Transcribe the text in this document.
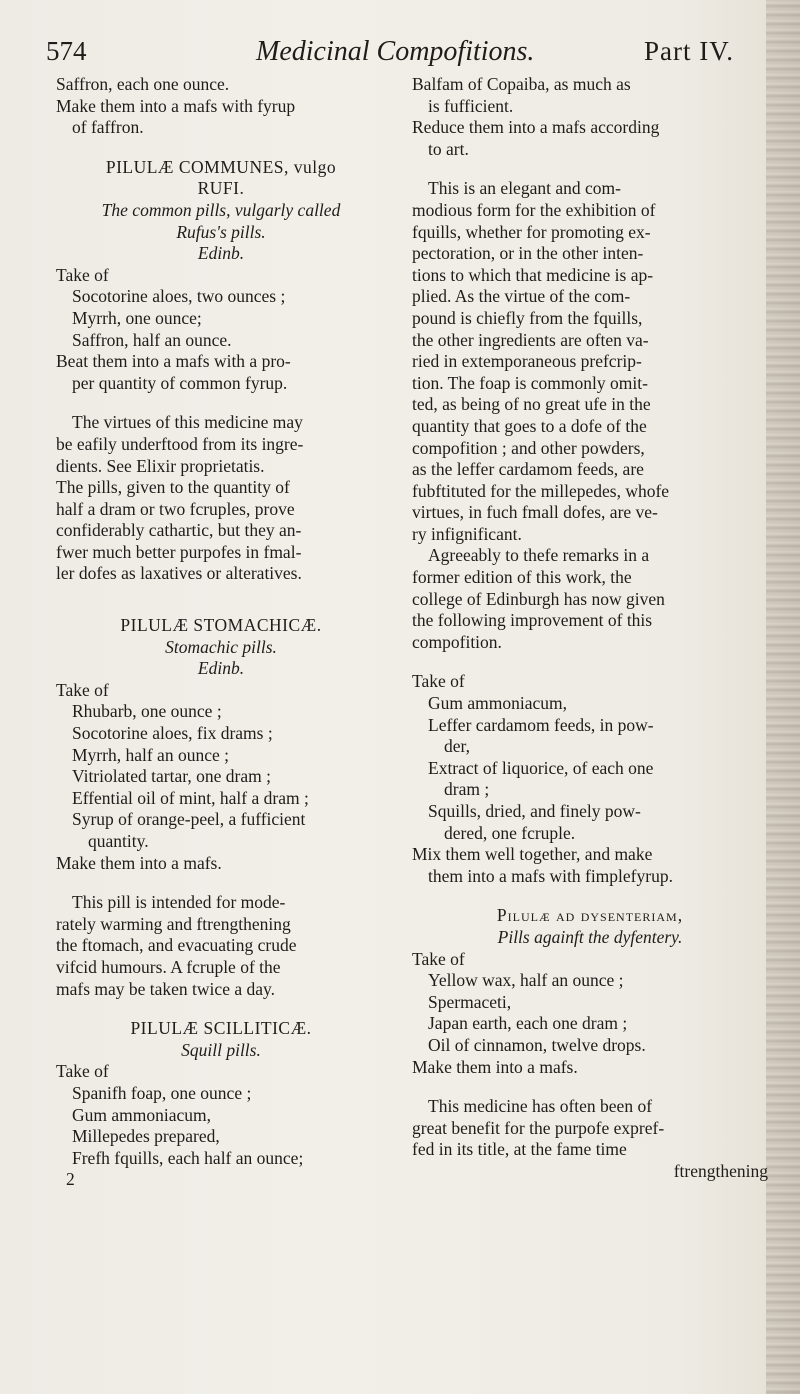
574	Medicinal Compofitions.	Part IV.
Saffron, each one ounce.
Make them into a mafs with fyrup
of faffron.
PILULÆ COMMUNES, vulgo
RUFI.
The common pills, vulgarly called
Rufus's pills.
Edinb.
Take of
Socotorine aloes, two ounces ;
Myrrh, one ounce;
Saffron, half an ounce.
Beat them into a mafs with a pro-
per quantity of common fyrup.
The virtues of this medicine may
be eafily underftood from its ingre-
dients. See Elixir proprietatis.
The pills, given to the quantity of
half a dram or two fcruples, prove
confiderably cathartic, but they an-
fwer much better purpofes in fmal-
ler dofes as laxatives or alteratives.
PILULÆ STOMACHICÆ.
Stomachic pills.
Edinb.
Take of
Rhubarb, one ounce ;
Socotorine aloes, fix drams ;
Myrrh, half an ounce ;
Vitriolated tartar, one dram ;
Effential oil of mint, half a dram ;
Syrup of orange-peel, a fufficient
quantity.
Make them into a mafs.
This pill is intended for mode-
rately warming and ftrengthening
the ftomach, and evacuating crude
vifcid humours. A fcruple of the
mafs may be taken twice a day.
PILULÆ SCILLITICÆ.
Squill pills.
Take of
Spanifh foap, one ounce ;
Gum ammoniacum,
Millepedes prepared,
Frefh fquills, each half an ounce;
2
Balfam of Copaiba, as much as
is fufficient.
Reduce them into a mafs according
to art.
This is an elegant and com-
modious form for the exhibition of
fquills, whether for promoting ex-
pectoration, or in the other inten-
tions to which that medicine is ap-
plied. As the virtue of the com-
pound is chiefly from the fquills,
the other ingredients are often va-
ried in extemporaneous prefcrip-
tion. The foap is commonly omit-
ted, as being of no great ufe in the
quantity that goes to a dofe of the
compofition ; and other powders,
as the leffer cardamom feeds, are
fubftituted for the millepedes, whofe
virtues, in fuch fmall dofes, are ve-
ry infignificant.
Agreeably to thefe remarks in a
former edition of this work, the
college of Edinburgh has now given
the following improvement of this
compofition.
Take of
Gum ammoniacum,
Leffer cardamom feeds, in pow-
der,
Extract of liquorice, of each one
dram ;
Squills, dried, and finely pow-
dered, one fcruple.
Mix them well together, and make
them into a mafs with fimplefyrup.
Pilulæ ad dysenteriam,
Pills againft the dyfentery.
Take of
Yellow wax, half an ounce ;
Spermaceti,
Japan earth, each one dram ;
Oil of cinnamon, twelve drops.
Make them into a mafs.
This medicine has often been of
great benefit for the purpofe expref-
fed in its title, at the fame time
ftrengthening
